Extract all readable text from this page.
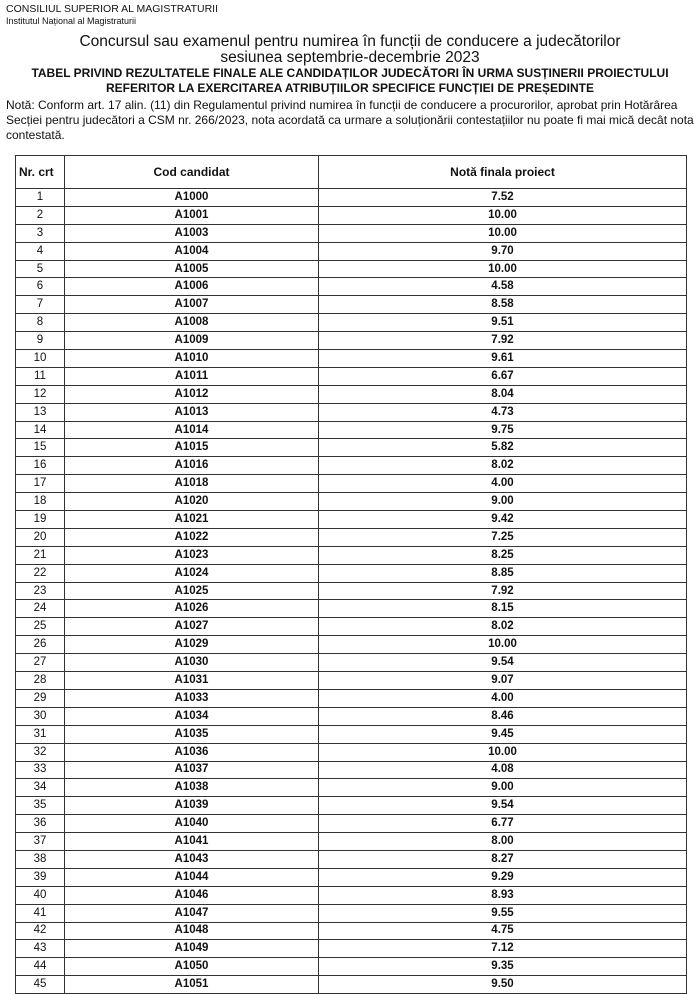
CONSILIUL SUPERIOR AL MAGISTRATURII
Institutul Național al Magistraturii
Concursul sau examenul pentru numirea în funcții de conducere a judecătorilor
sesiunea septembrie-decembrie 2023
TABEL PRIVIND REZULTATELE FINALE ALE CANDIDAȚILOR JUDECĂTORI ÎN URMA SUSȚINERII PROIECTULUI
REFERITOR LA EXERCITAREA ATRIBUȚIILOR SPECIFICE FUNCȚIEI DE PREȘEDINTE
Notă: Conform art. 17 alin. (11) din Regulamentul privind numirea în funcții de conducere a procurorilor, aprobat prin Hotărârea Secției pentru judecători a CSM nr. 266/2023, nota acordată ca urmare a soluționării contestațiilor nu poate fi mai mică decât nota contestată.
Nr. crt	Cod candidat	Notă finala proiect
1	A1000	7.52
2	A1001	10.00
3	A1003	10.00
4	A1004	9.70
5	A1005	10.00
6	A1006	4.58
7	A1007	8.58
8	A1008	9.51
9	A1009	7.92
10	A1010	9.61
11	A1011	6.67
12	A1012	8.04
13	A1013	4.73
14	A1014	9.75
15	A1015	5.82
16	A1016	8.02
17	A1018	4.00
18	A1020	9.00
19	A1021	9.42
20	A1022	7.25
21	A1023	8.25
22	A1024	8.85
23	A1025	7.92
24	A1026	8.15
25	A1027	8.02
26	A1029	10.00
27	A1030	9.54
28	A1031	9.07
29	A1033	4.00
30	A1034	8.46
31	A1035	9.45
32	A1036	10.00
33	A1037	4.08
34	A1038	9.00
35	A1039	9.54
36	A1040	6.77
37	A1041	8.00
38	A1043	8.27
39	A1044	9.29
40	A1046	8.93
41	A1047	9.55
42	A1048	4.75
43	A1049	7.12
44	A1050	9.35
45	A1051	9.50
